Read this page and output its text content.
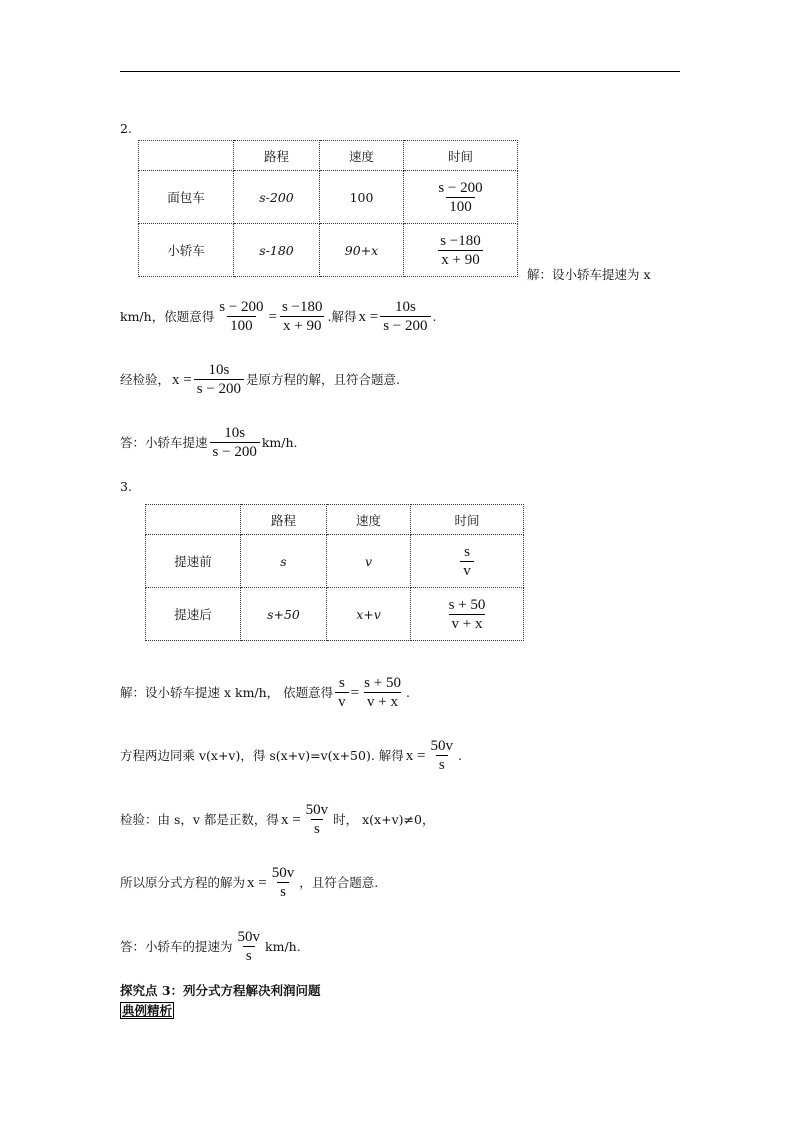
2.
	路程	速度	时间
面包车	s-200	100	$\frac{s - 200}{100}$

小轿车	s-180	90+x	$\frac{s -180}{x + 90}$
解：设小轿车提速为 x
km/h，依题意得 $\frac{s - 200}{100} = \frac{s -180}{x + 90}$ .解得 $x = \frac{10s}{s - 200}$ .
经检验， $x = \frac{10s}{s - 200}$ 是原方程的解，且符合题意.
答：小轿车提速 $\frac{10s}{s - 200} km/h$.
3.
	路程	速度	时间
提速前	s	v	$\frac{s}{v}$

提速后	s+50	x+v	$\frac{s + 50}{v + x}$
解：设小轿车提速 x km/h， 依题意得 $\frac{s}{v} = \frac{s + 50}{v + x}$ .
方程两边同乘 v(x+v)，得 s(x+v)=v(x+50). 解得 $x = \frac{50v}{s}$ .
检验：由 s，v 都是正数，得 $x = \frac{50v}{s}$ 时， x(x+v)≠0，
所以原分式方程的解为 $x = \frac{50v}{s}$ ，且符合题意.
答：小轿车的提速为 $\frac{50v}{s} km/h$.
探究点 3：列分式方程解决利润问题
典例精析
